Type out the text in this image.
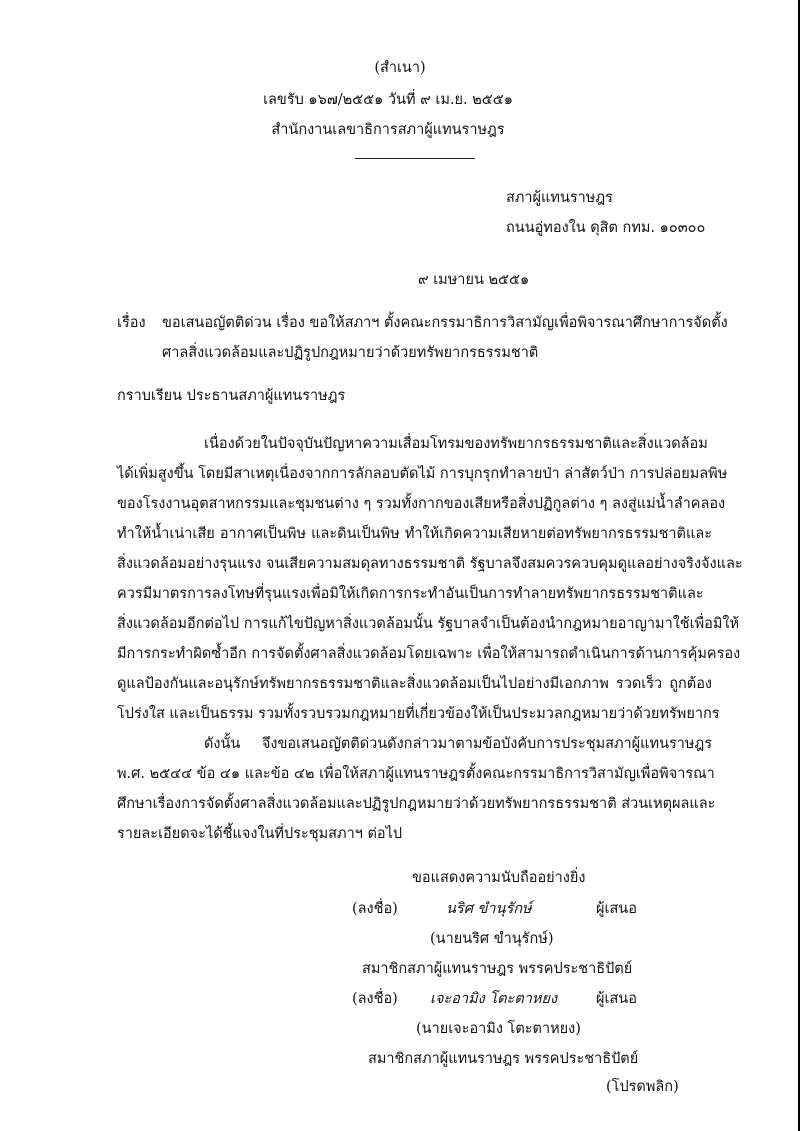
(สำเนา)
เลขรับ ๑๖๗/๒๕๕๑ วันที่ ๙ เม.ย. ๒๕๕๑
สำนักงานเลขาธิการสภาผู้แทนราษฎร
สภาผู้แทนราษฎร
ถนนอู่ทองใน ดุสิต กทม. ๑๐๓๐๐
๙ เมษายน ๒๕๕๑
เรื่อง ขอเสนอญัตติด่วน เรื่อง ขอให้สภาฯ ตั้งคณะกรรมาธิการวิสามัญเพื่อพิจารณาศึกษาการจัดตั้ง
ศาลสิ่งแวดล้อมและปฏิรูปกฎหมายว่าด้วยทรัพยากรธรรมชาติ
กราบเรียน ประธานสภาผู้แทนราษฎร
เนื่องด้วยในปัจจุบันปัญหาความเสื่อมโทรมของทรัพยากรธรรมชาติและสิ่งแวดล้อม
ได้เพิ่มสูงขึ้น โดยมีสาเหตุเนื่องจากการลักลอบตัดไม้ การบุกรุกทำลายป่า ล่าสัตว์ป่า การปล่อยมลพิษ
ของโรงงานอุตสาหกรรมและชุมชนต่าง ๆ รวมทั้งกากของเสียหรือสิ่งปฏิกูลต่าง ๆ ลงสู่แม่น้ำลำคลอง
ทำให้น้ำเน่าเสีย อากาศเป็นพิษ และดินเป็นพิษ ทำให้เกิดความเสียหายต่อทรัพยากรธรรมชาติและ
สิ่งแวดล้อมอย่างรุนแรง จนเสียความสมดุลทางธรรมชาติ รัฐบาลจึงสมควรควบคุมดูแลอย่างจริงจังและ
ควรมีมาตรการลงโทษที่รุนแรงเพื่อมิให้เกิดการกระทำอันเป็นการทำลายทรัพยากรธรรมชาติและ
สิ่งแวดล้อมอีกต่อไป การแก้ไขปัญหาสิ่งแวดล้อมนั้น รัฐบาลจำเป็นต้องนำกฎหมายอาญามาใช้เพื่อมิให้
มีการกระทำผิดซ้ำอีก การจัดตั้งศาลสิ่งแวดล้อมโดยเฉพาะ เพื่อให้สามารถดำเนินการด้านการคุ้มครอง
ดูแลป้องกันและอนุรักษ์ทรัพยากรธรรมชาติและสิ่งแวดล้อมเป็นไปอย่างมีเอกภาพ รวดเร็ว ถูกต้อง
โปร่งใส และเป็นธรรม รวมทั้งรวบรวมกฎหมายที่เกี่ยวข้องให้เป็นประมวลกฎหมายว่าด้วยทรัพยากร
ดังนั้น จึงขอเสนอญัตติด่วนดังกล่าวมาตามข้อบังคับการประชุมสภาผู้แทนราษฎร
พ.ศ. ๒๕๔๔ ข้อ ๔๑ และข้อ ๔๒ เพื่อให้สภาผู้แทนราษฎรตั้งคณะกรรมาธิการวิสามัญเพื่อพิจารณา
ศึกษาเรื่องการจัดตั้งศาลสิ่งแวดล้อมและปฏิรูปกฎหมายว่าด้วยทรัพยากรธรรมชาติ ส่วนเหตุผลและ
รายละเอียดจะได้ชี้แจงในที่ประชุมสภาฯ ต่อไป
ขอแสดงความนับถืออย่างยิ่ง
(ลงชื่อ)	นริศ ขำนุรักษ์	ผู้เสนอ
(นายนริศ ขำนุรักษ์)
สมาชิกสภาผู้แทนราษฎร พรรคประชาธิปัตย์
(ลงชื่อ) เจะอามิง โตะตาหยง	ผู้เสนอ
(นายเจะอามิง โตะตาหยง)
สมาชิกสภาผู้แทนราษฎร พรรคประชาธิปัตย์
(โปรดพลิก)
